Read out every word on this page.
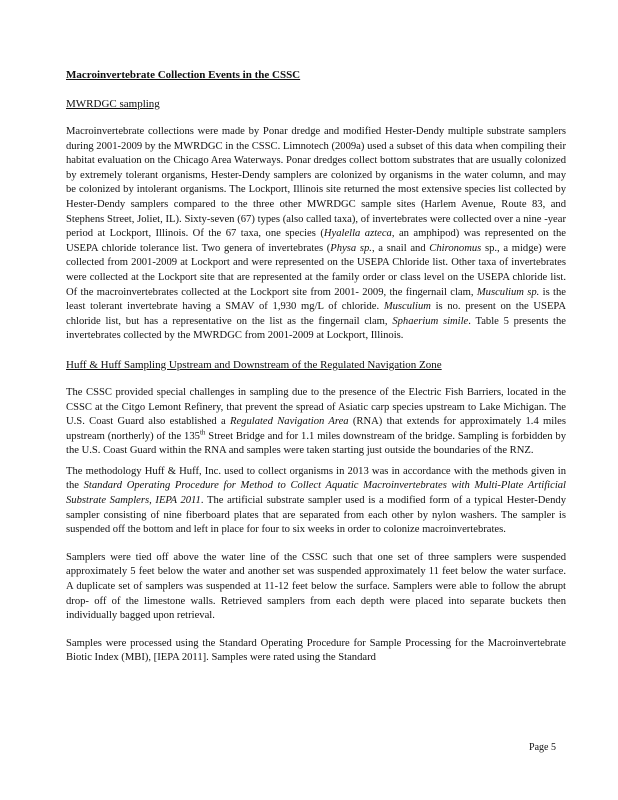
Macroinvertebrate Collection Events in the CSSC
MWRDGC sampling

Macroinvertebrate collections were made by Ponar dredge and modified Hester-Dendy multiple substrate samplers during 2001-2009 by the MWRDGC in the CSSC. Limnotech (2009a) used a subset of this data when compiling their habitat evaluation on the Chicago Area Waterways. Ponar dredges collect bottom substrates that are usually colonized by extremely tolerant organisms, Hester-Dendy samplers are colonized by organisms in the water column, and may be colonized by intolerant organisms. The Lockport, Illinois site returned the most extensive species list collected by Hester-Dendy samplers compared to the three other MWRDGC sample sites (Harlem Avenue, Route 83, and Stephens Street, Joliet, IL). Sixty-seven (67) types (also called taxa), of invertebrates were collected over a nine -year period at Lockport, Illinois. Of the 67 taxa, one species (Hyalella azteca, an amphipod) was represented on the USEPA chloride tolerance list. Two genera of invertebrates (Physa sp., a snail and Chironomus sp., a midge) were collected from 2001-2009 at Lockport and were represented on the USEPA Chloride list. Other taxa of invertebrates were collected at the Lockport site that are represented at the family order or class level on the USEPA chloride list. Of the macroinvertebrates collected at the Lockport site from 2001- 2009, the fingernail clam, Musculium sp. is the least tolerant invertebrate having a SMAV of 1,930 mg/L of chloride. Musculium is no. present on the USEPA chloride list, but has a representative on the list as the fingernail clam, Sphaerium simile. Table 5 presents the invertebrates collected by the MWRDGC from 2001-2009 at Lockport, Illinois.

Huff & Huff Sampling Upstream and Downstream of the Regulated Navigation Zone

The CSSC provided special challenges in sampling due to the presence of the Electric Fish Barriers, located in the CSSC at the Citgo Lemont Refinery, that prevent the spread of Asiatic carp species upstream to Lake Michigan. The U.S. Coast Guard also established a Regulated Navigation Area (RNA) that extends for approximately 1.4 miles upstream (northerly) of the 135th Street Bridge and for 1.1 miles downstream of the bridge. Sampling is forbidden by the U.S. Coast Guard within the RNA and samples were taken starting just outside the boundaries of the RNZ.

The methodology Huff & Huff, Inc. used to collect organisms in 2013 was in accordance with the methods given in the Standard Operating Procedure for Method to Collect Aquatic Macroinvertebrates with Multi-Plate Artificial Substrate Samplers, IEPA 2011. The artificial substrate sampler used is a modified form of a typical Hester-Dendy sampler consisting of nine fiberboard plates that are separated from each other by nylon washers. The sampler is suspended off the bottom and left in place for four to six weeks in order to colonize macroinvertebrates.

Samplers were tied off above the water line of the CSSC such that one set of three samplers were suspended approximately 5 feet below the water and another set was suspended approximately 11 feet below the water surface. A duplicate set of samplers was suspended at 11-12 feet below the surface. Samplers were able to follow the abrupt drop- off of the limestone walls. Retrieved samplers from each depth were placed into separate buckets then individually bagged upon retrieval.

Samples were processed using the Standard Operating Procedure for Sample Processing for the Macroinvertebrate Biotic Index (MBI), [IEPA 2011]. Samples were rated using the Standard

Page 5
